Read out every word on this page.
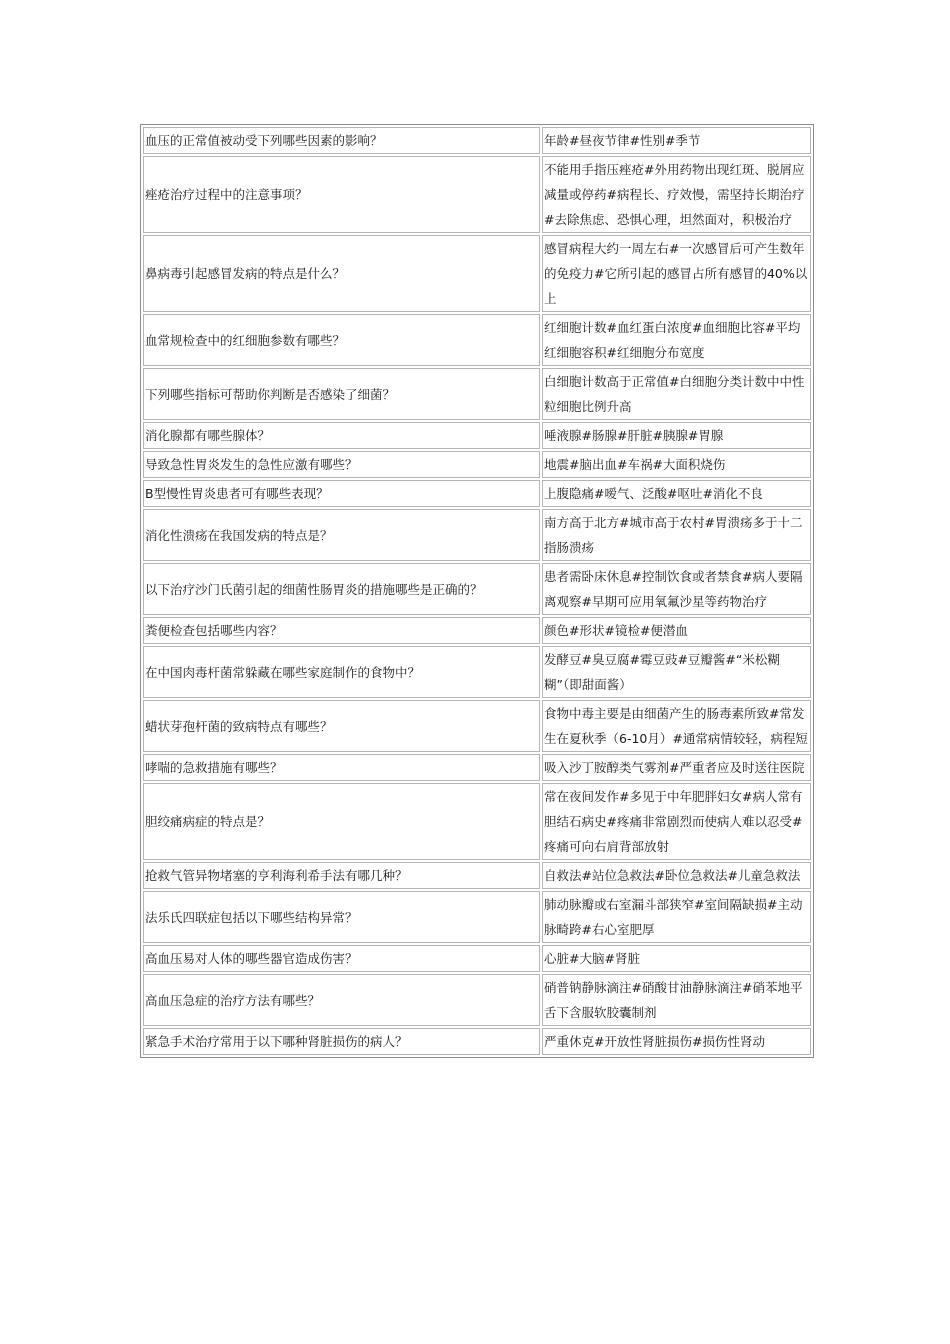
血压的正常值被动受下列哪些因素的影响？	年龄#昼夜节律#性别#季节
痤疮治疗过程中的注意事项？	不能用手指压痤疮#外用药物出现红斑、脱屑应减量或停药#病程长、疗效慢，需坚持长期治疗#去除焦虑、恐惧心理，坦然面对，积极治疗
鼻病毒引起感冒发病的特点是什么？	感冒病程大约一周左右#一次感冒后可产生数年的免疫力#它所引起的感冒占所有感冒的40%以上
血常规检查中的红细胞参数有哪些？	红细胞计数#血红蛋白浓度#血细胞比容#平均红细胞容积#红细胞分布宽度
下列哪些指标可帮助你判断是否感染了细菌？	白细胞计数高于正常值#白细胞分类计数中中性粒细胞比例升高
消化腺都有哪些腺体？	唾液腺#肠腺#肝脏#胰腺#胃腺
导致急性胃炎发生的急性应激有哪些？	地震#脑出血#车祸#大面积烧伤
B型慢性胃炎患者可有哪些表现？	上腹隐痛#嗳气、泛酸#呕吐#消化不良
消化性溃疡在我国发病的特点是？	南方高于北方#城市高于农村#胃溃疡多于十二指肠溃疡
以下治疗沙门氏菌引起的细菌性肠胃炎的措施哪些是正确的？	患者需卧床休息#控制饮食或者禁食#病人要隔离观察#早期可应用氧氟沙星等药物治疗
粪便检查包括哪些内容？	颜色#形状#镜检#便潜血
在中国肉毒杆菌常躲藏在哪些家庭制作的食物中？	发酵豆#臭豆腐#霉豆豉#豆瓣酱#“米松糊糊”（即甜面酱）
蜡状芽孢杆菌的致病特点有哪些？	食物中毒主要是由细菌产生的肠毒素所致#常发生在夏秋季（6-10月）#通常病情较轻，病程短
哮喘的急救措施有哪些？	吸入沙丁胺醇类气雾剂#严重者应及时送往医院
胆绞痛病症的特点是？	常在夜间发作#多见于中年肥胖妇女#病人常有胆结石病史#疼痛非常剧烈而使病人难以忍受#疼痛可向右肩背部放射
抢救气管异物堵塞的亨利海利希手法有哪几种？	自救法#站位急救法#卧位急救法#儿童急救法
法乐氏四联症包括以下哪些结构异常？	肺动脉瓣或右室漏斗部狭窄#室间隔缺损#主动脉畸跨#右心室肥厚
高血压易对人体的哪些器官造成伤害？	心脏#大脑#肾脏
高血压急症的治疗方法有哪些？	硝普钠静脉滴注#硝酸甘油静脉滴注#硝苯地平舌下含服软胶囊制剂
紧急手术治疗常用于以下哪种肾脏损伤的病人？	严重休克#开放性肾脏损伤#损伤性肾动
